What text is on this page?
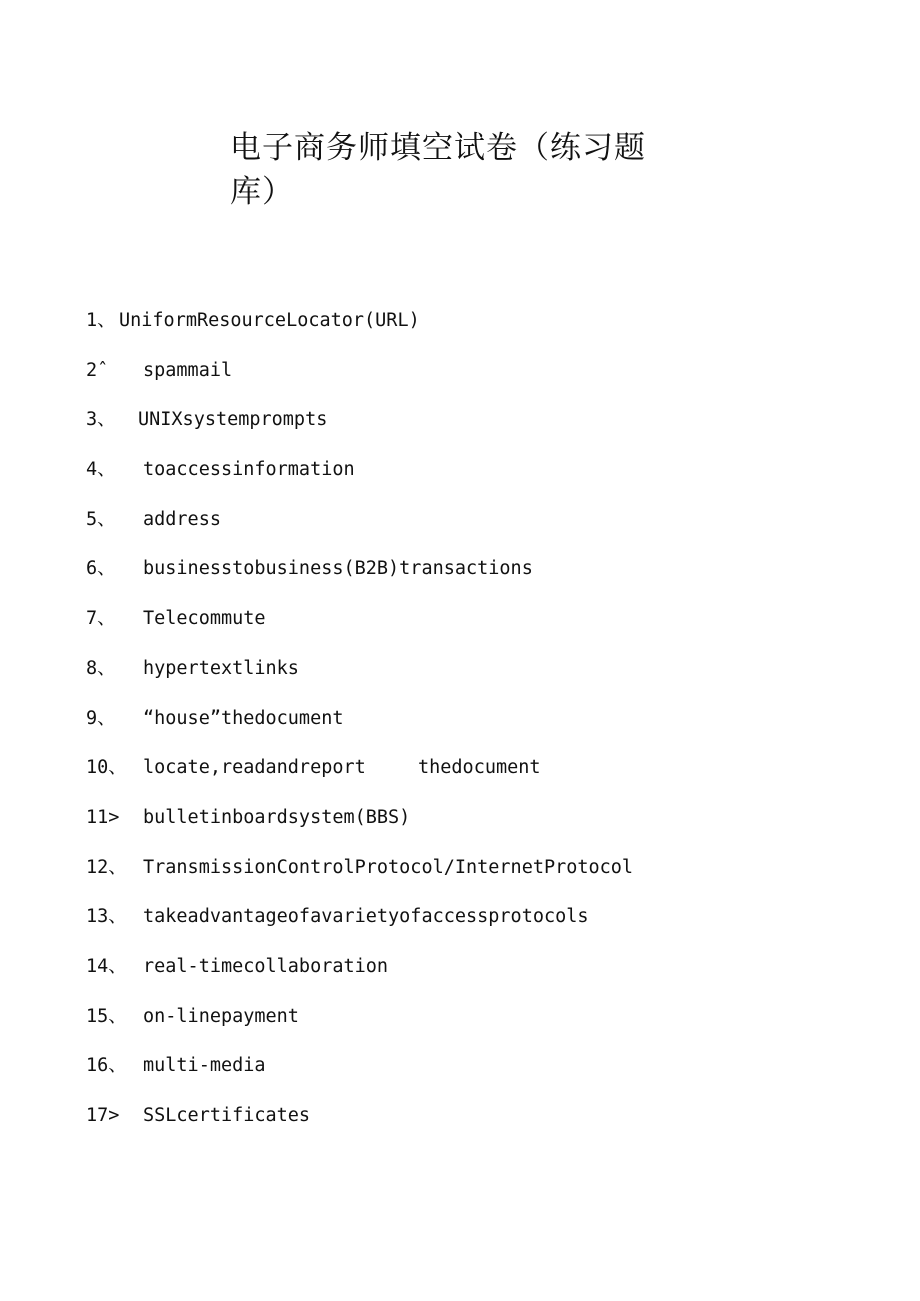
电子商务师填空试卷（练习题
库）

1、

UniformResourceLocator(URL)

2ˆ

spammail

3、

UNIXsystemprompts

4、

toaccessinformation

5、

address

6、

businesstobusiness(B2B)transactions

7、

Telecommute

8、

hypertextlinks

9、

“house”thedocument

10、

locate,readandreport

	thedocument

11>

bulletinboardsystem(BBS)

12、

TransmissionControlProtocol/InternetProtocol

13、

takeadvantageofavarietyofaccessprotocols

14、

real-timecollaboration

15、

on-linepayment

16、

multi-media

17>

SSLcertificates
